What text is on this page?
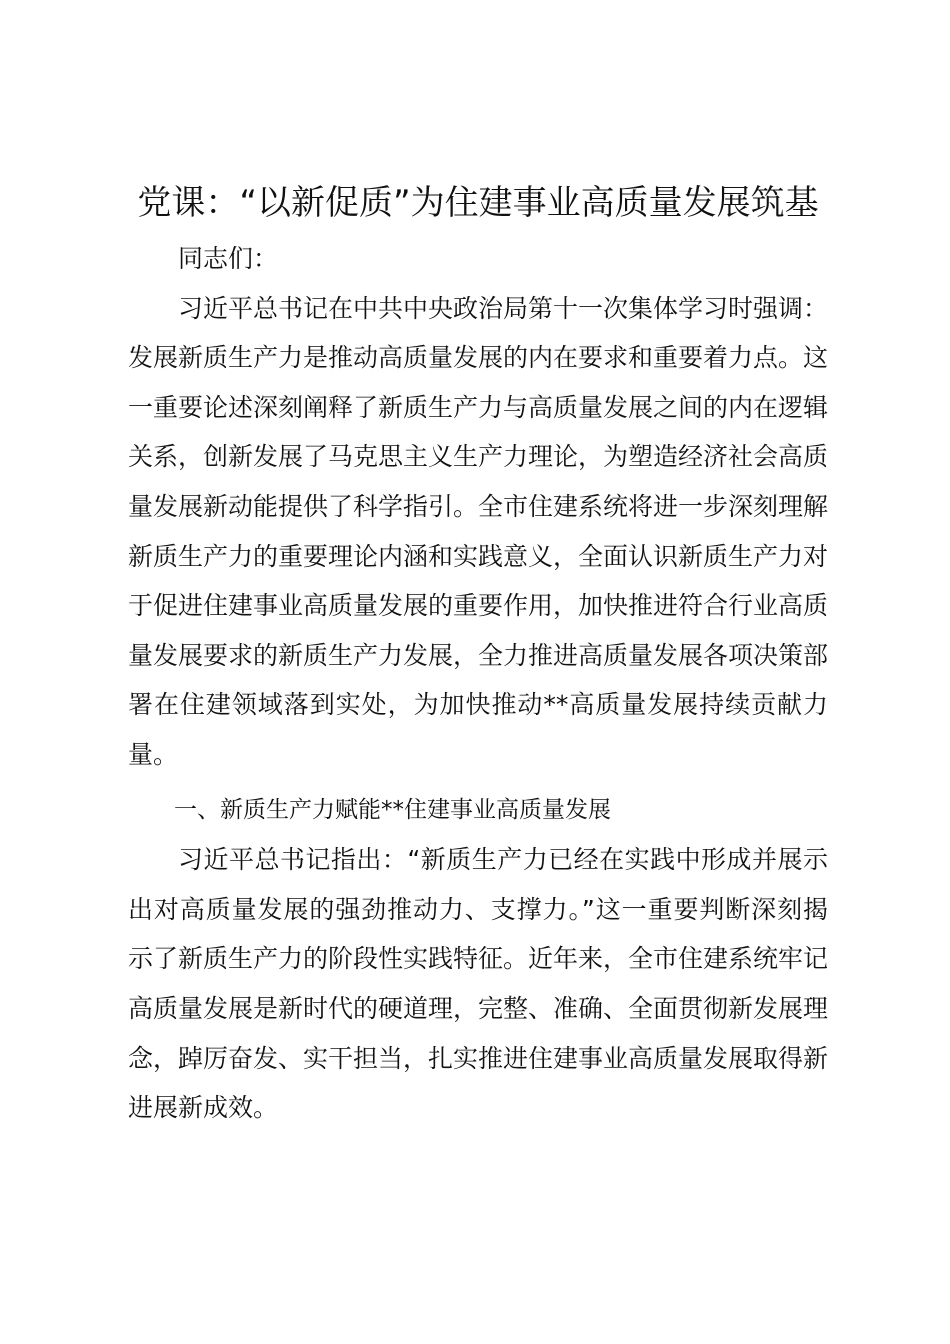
党课：“以新促质”为住建事业高质量发展筑基

同志们：

习近平总书记在中共中央政治局第十一次集体学习时强调：发展新质生产力是推动高质量发展的内在要求和重要着力点。这一重要论述深刻阐释了新质生产力与高质量发展之间的内在逻辑关系，创新发展了马克思主义生产力理论，为塑造经济社会高质量发展新动能提供了科学指引。全市住建系统将进一步深刻理解新质生产力的重要理论内涵和实践意义，全面认识新质生产力对于促进住建事业高质量发展的重要作用，加快推进符合行业高质量发展要求的新质生产力发展，全力推进高质量发展各项决策部署在住建领域落到实处，为加快推动**高质量发展持续贡献力量。

一、新质生产力赋能**住建事业高质量发展

习近平总书记指出：“新质生产力已经在实践中形成并展示出对高质量发展的强劲推动力、支撑力。”这一重要判断深刻揭示了新质生产力的阶段性实践特征。近年来，全市住建系统牢记高质量发展是新时代的硬道理，完整、准确、全面贯彻新发展理念，踔厉奋发、实干担当，扎实推进住建事业高质量发展取得新进展新成效。
